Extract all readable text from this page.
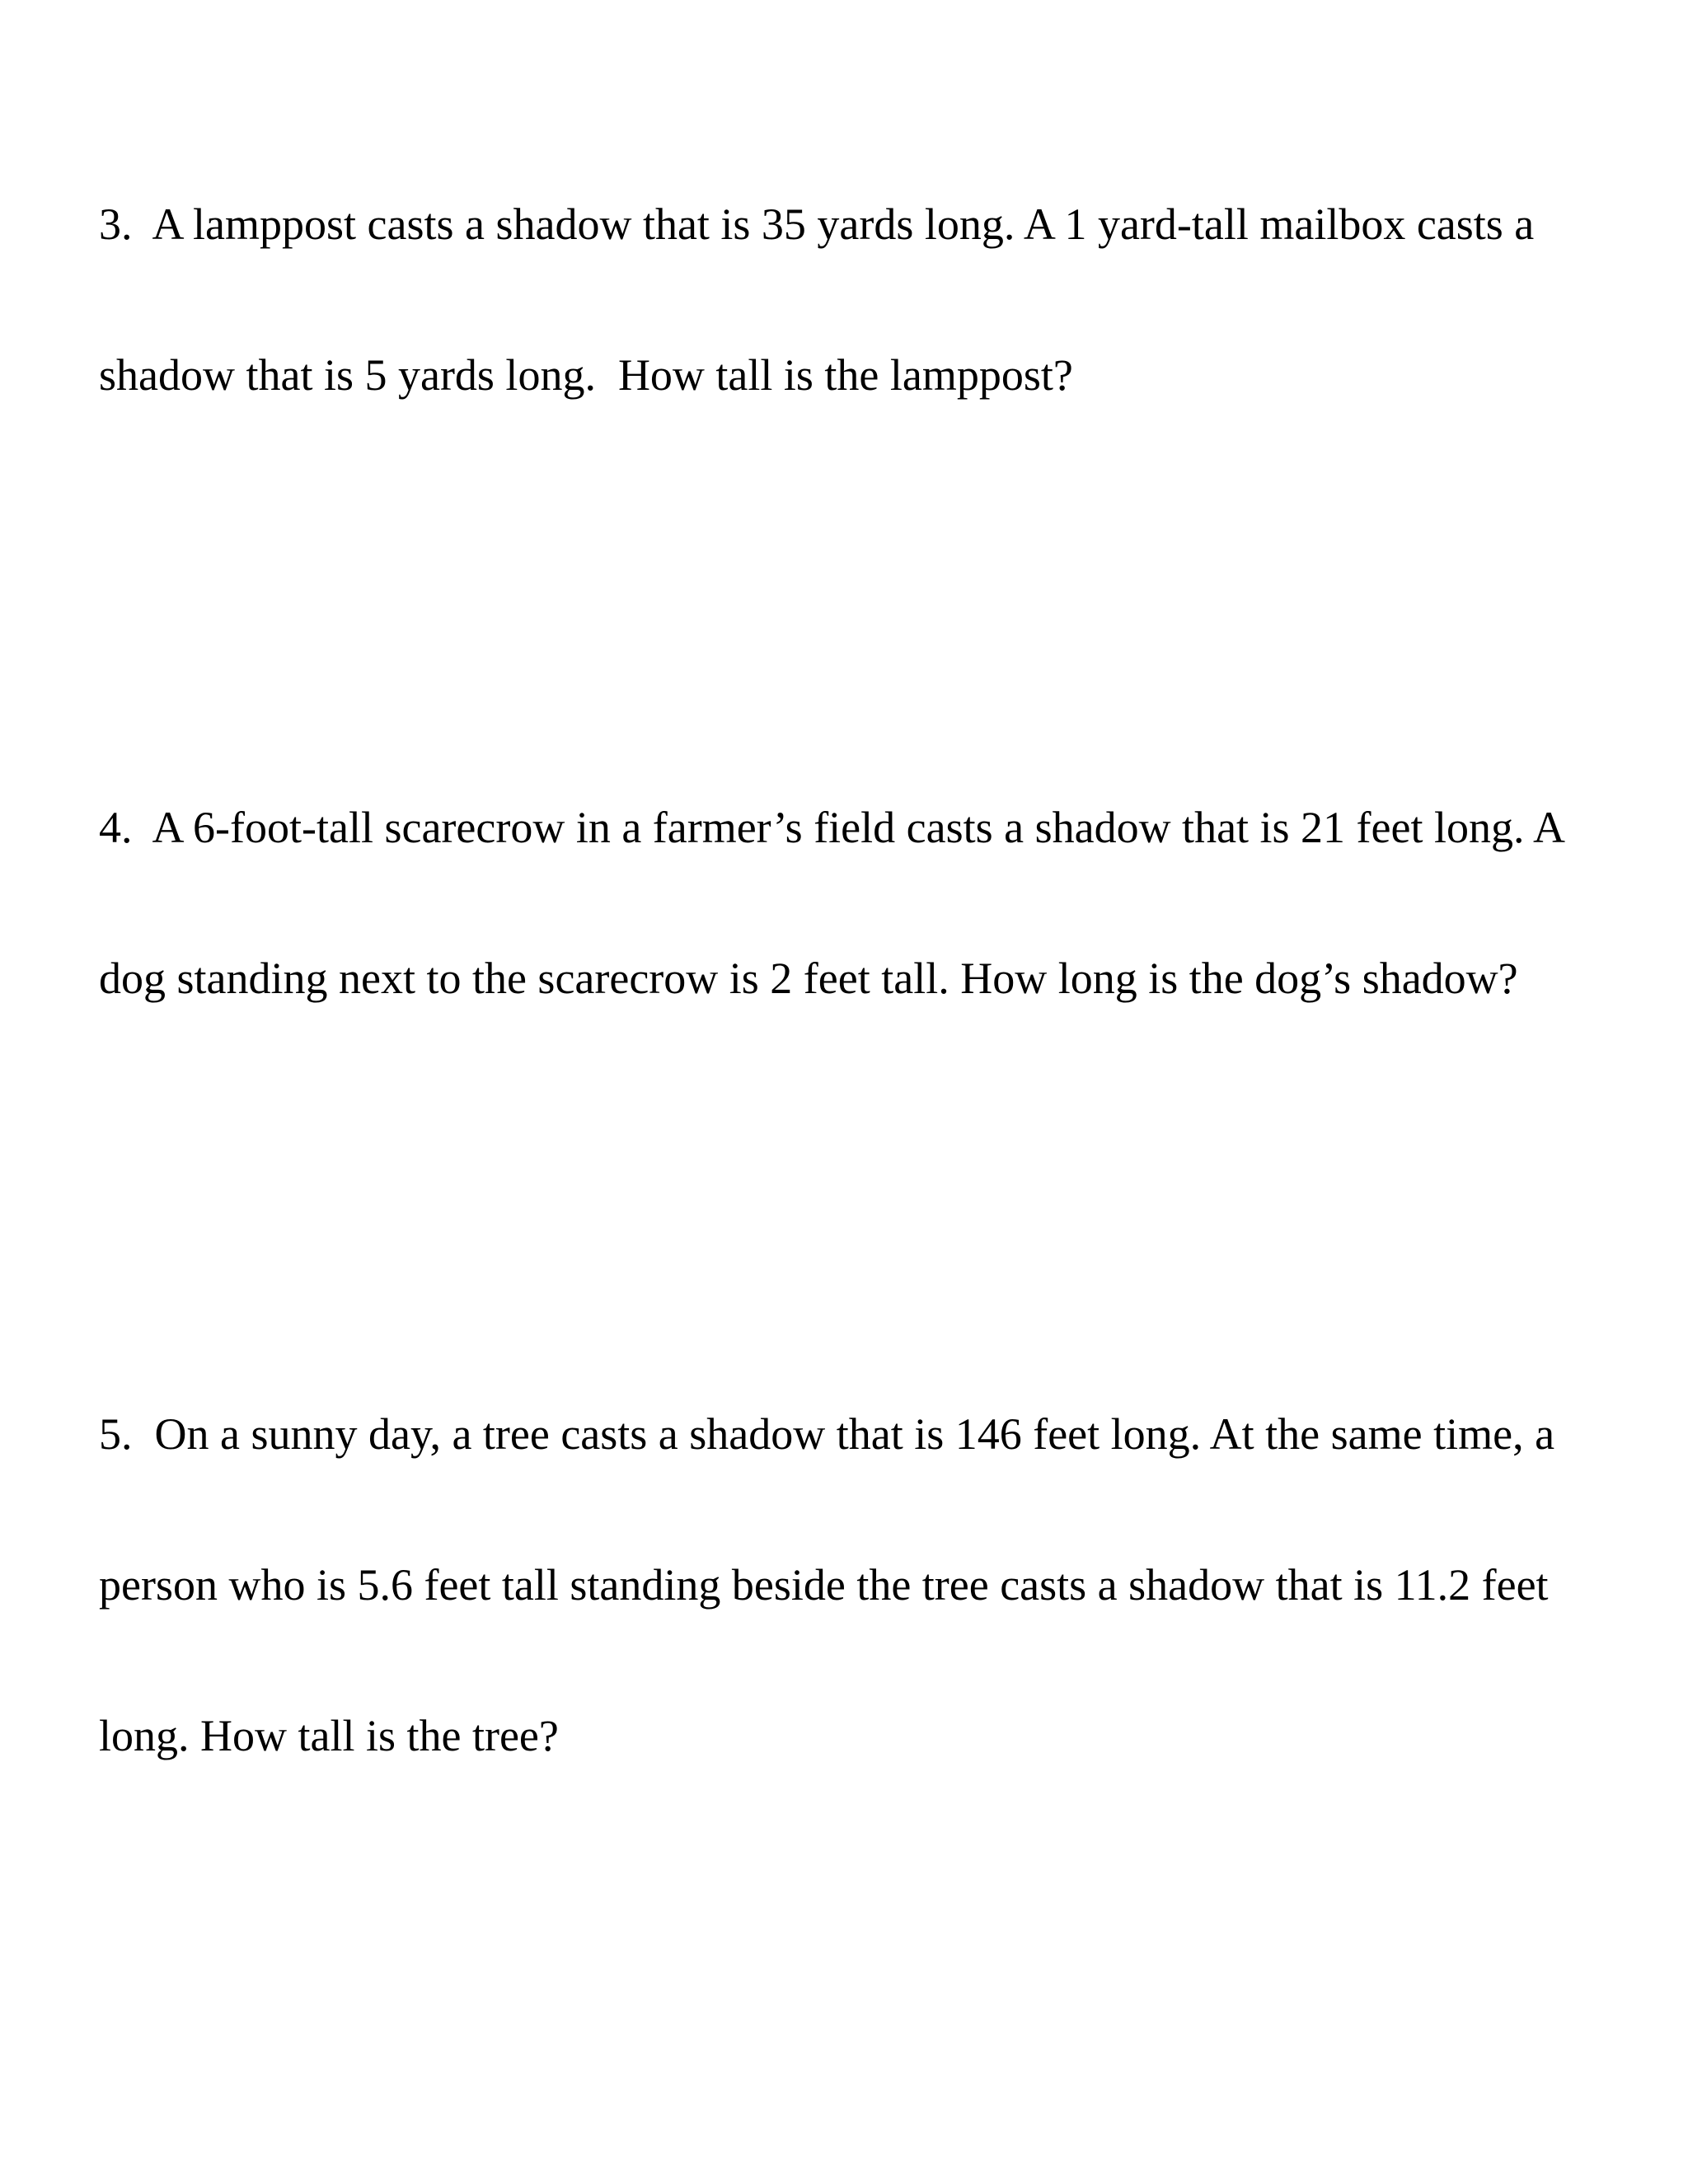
3.  A lamppost casts a shadow that is 35 yards long. A 1 yard-tall mailbox casts a

shadow that is 5 yards long.  How tall is the lamppost?

4.  A 6-foot-tall scarecrow in a farmer’s field casts a shadow that is 21 feet long. A

dog standing next to the scarecrow is 2 feet tall. How long is the dog’s shadow?

5.  On a sunny day, a tree casts a shadow that is 146 feet long. At the same time, a

person who is 5.6 feet tall standing beside the tree casts a shadow that is 11.2 feet

long. How tall is the tree?
